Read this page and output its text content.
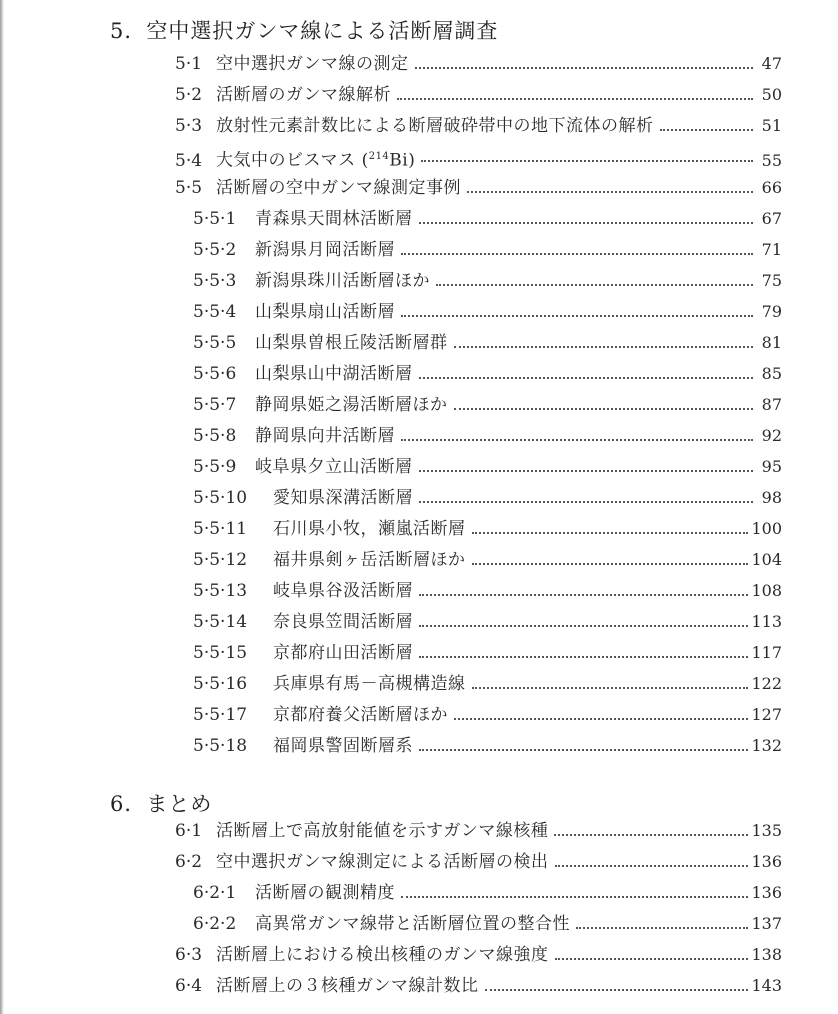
5．空中選択ガンマ線による活断層調査
5·1 空中選択ガンマ線の測定	47
5·2 活断層のガンマ線解析	50
5·3 放射性元素計数比による断層破砕帯中の地下流体の解析	51
5·4 大気中のビスマス ($^{214}$Bi)	55
5·5 活断層の空中ガンマ線測定事例	66
5·5·1	青森県天間林活断層	67
5·5·2	新潟県月岡活断層	71
5·5·3	新潟県珠川活断層ほか	75
5·5·4	山梨県扇山活断層	79
5·5·5	山梨県曽根丘陵活断層群	81
5·5·6	山梨県山中湖活断層	85
5·5·7	静岡県姫之湯活断層ほか	87
5·5·8	静岡県向井活断層	92
5·5·9	岐阜県夕立山活断層	95
5·5·10	愛知県深溝活断層	98
5·5·11	石川県小牧，瀬嵐活断層	100
5·5·12	福井県剣ヶ岳活断層ほか	104
5·5·13	岐阜県谷汲活断層	108
5·5·14	奈良県笠間活断層	113
5·5·15	京都府山田活断層	117
5·5·16	兵庫県有馬－高槻構造線	122
5·5·17	京都府養父活断層ほか	127
5·5·18	福岡県警固断層系	132
6．まとめ
6·1 活断層上で高放射能値を示すガンマ線核種	135
6·2 空中選択ガンマ線測定による活断層の検出	136
6·2·1	活断層の観測精度	136
6·2·2	高異常ガンマ線帯と活断層位置の整合性	137
6·3 活断層上における検出核種のガンマ線強度	138
6·4 活断層上の３核種ガンマ線計数比	143
